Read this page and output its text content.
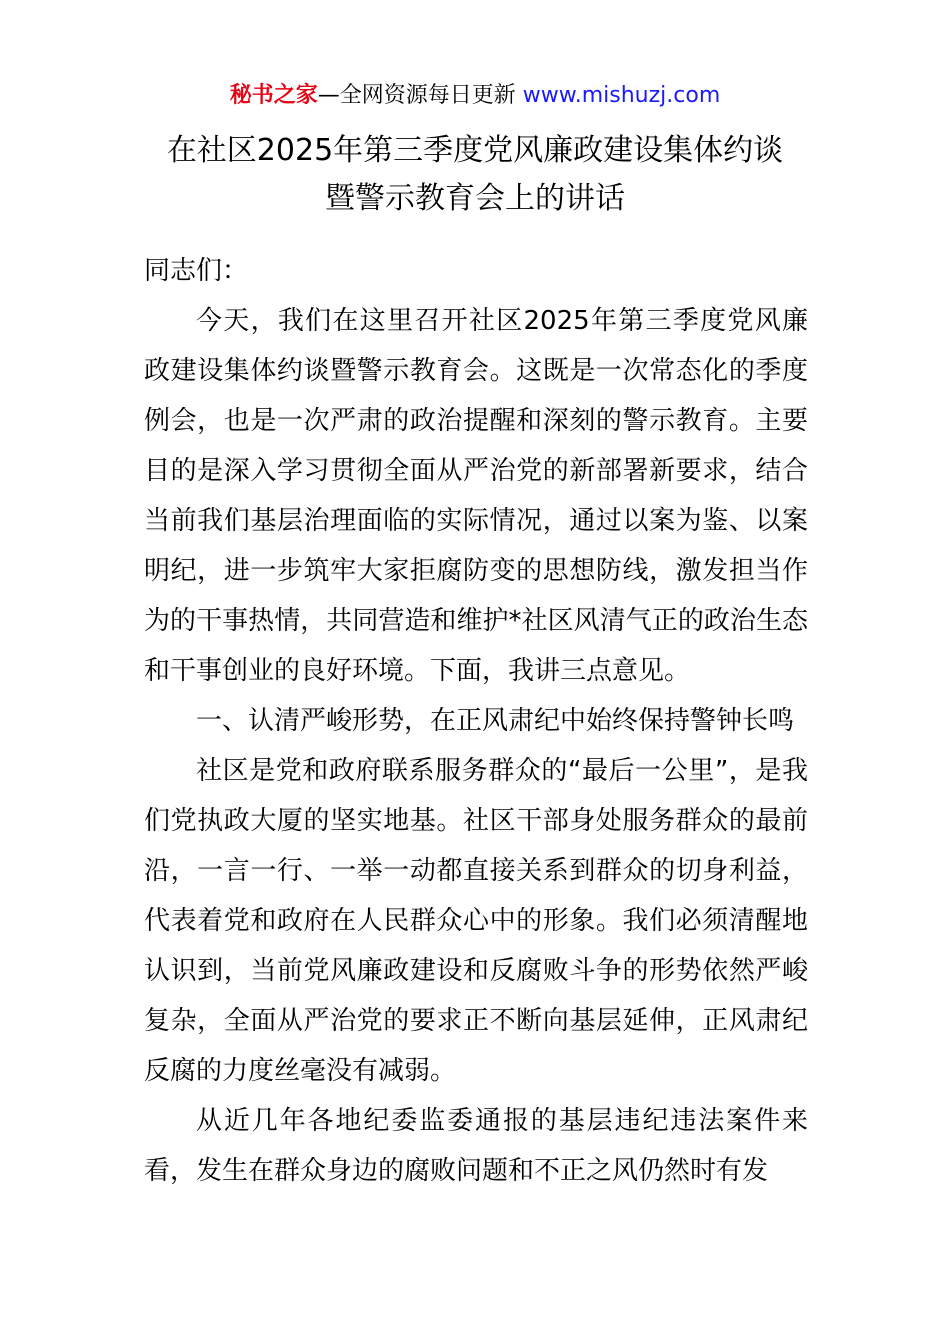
秘书之家—全网资源每日更新 www.mishuzj.com
在社区2025年第三季度党风廉政建设集体约谈
暨警示教育会上的讲话

同志们：

今天，我们在这里召开社区2025年第三季度党风廉政建设集体约谈暨警示教育会。这既是一次常态化的季度例会，也是一次严肃的政治提醒和深刻的警示教育。主要目的是深入学习贯彻全面从严治党的新部署新要求，结合当前我们基层治理面临的实际情况，通过以案为鉴、以案明纪，进一步筑牢大家拒腐防变的思想防线，激发担当作为的干事热情，共同营造和维护*社区风清气正的政治生态和干事创业的良好环境。下面，我讲三点意见。

一、认清严峻形势，在正风肃纪中始终保持警钟长鸣

社区是党和政府联系服务群众的“最后一公里”，是我们党执政大厦的坚实地基。社区干部身处服务群众的最前沿，一言一行、一举一动都直接关系到群众的切身利益，代表着党和政府在人民群众心中的形象。我们必须清醒地认识到，当前党风廉政建设和反腐败斗争的形势依然严峻复杂，全面从严治党的要求正不断向基层延伸，正风肃纪反腐的力度丝毫没有减弱。

从近几年各地纪委监委通报的基层违纪违法案件来看，发生在群众身边的腐败问题和不正之风仍然时有发
